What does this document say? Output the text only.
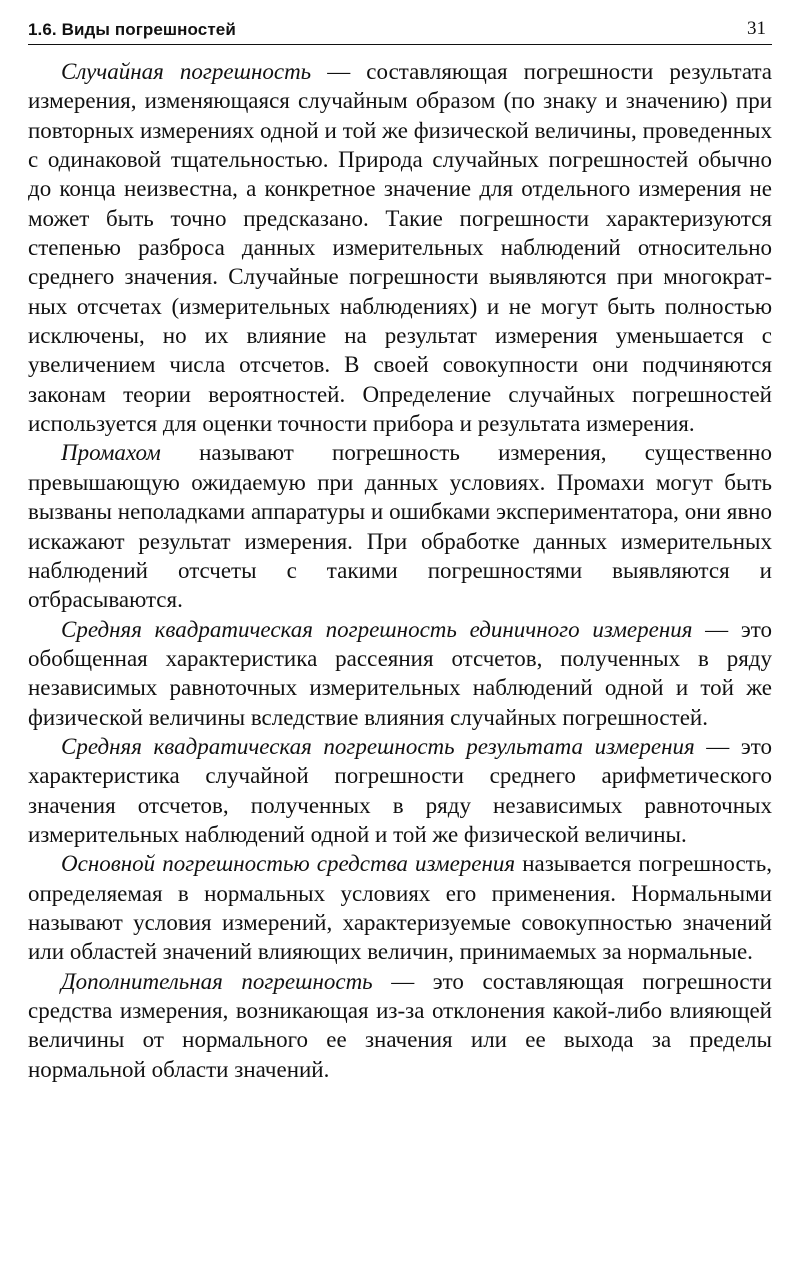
1.6. Виды погрешностей	31

Случайная погрешность — составляющая погрешности результата измерения, изменяющаяся случайным образом (по знаку и значению) при повторных измерениях одной и той же физической величины, проведенных с одинаковой тщательностью. Природа случайных погрешностей обычно до конца неизвестна, а конкретное значение для отдельного измерения не может быть точно предсказано. Такие погрешности характеризуются степенью разброса данных измерительных наблюдений относительно среднего значения. Случайные погрешности выявляются при многократных отсчетах (измерительных наблюдениях) и не могут быть полностью исключены, но их влияние на результат измерения уменьшается с увеличением числа отсчетов. В своей совокупности они подчиняются законам теории вероятностей. Определение случайных погрешностей используется для оценки точности прибора и результата измерения.

Промахом называют погрешность измерения, существенно превышающую ожидаемую при данных условиях. Промахи могут быть вызваны неполадками аппаратуры и ошибками экспериментатора, они явно искажают результат измерения. При обработке данных измерительных наблюдений отсчеты с такими погрешностями выявляются и отбрасываются.

Средняя квадратическая погрешность единичного измерения — это обобщенная характеристика рассеяния отсчетов, полученных в ряду независимых равноточных измерительных наблюдений одной и той же физической величины вследствие влияния случайных погрешностей.

Средняя квадратическая погрешность результата измерения — это характеристика случайной погрешности среднего арифметического значения отсчетов, полученных в ряду независимых равноточных измерительных наблюдений одной и той же физической величины.

Основной погрешностью средства измерения называется погрешность, определяемая в нормальных условиях его применения. Нормальными называют условия измерений, характеризуемые совокупностью значений или областей значений влияющих величин, принимаемых за нормальные.

Дополнительная погрешность — это составляющая погрешности средства измерения, возникающая из-за отклонения какой-либо влияющей величины от нормального ее значения или ее выхода за пределы нормальной области значений.
